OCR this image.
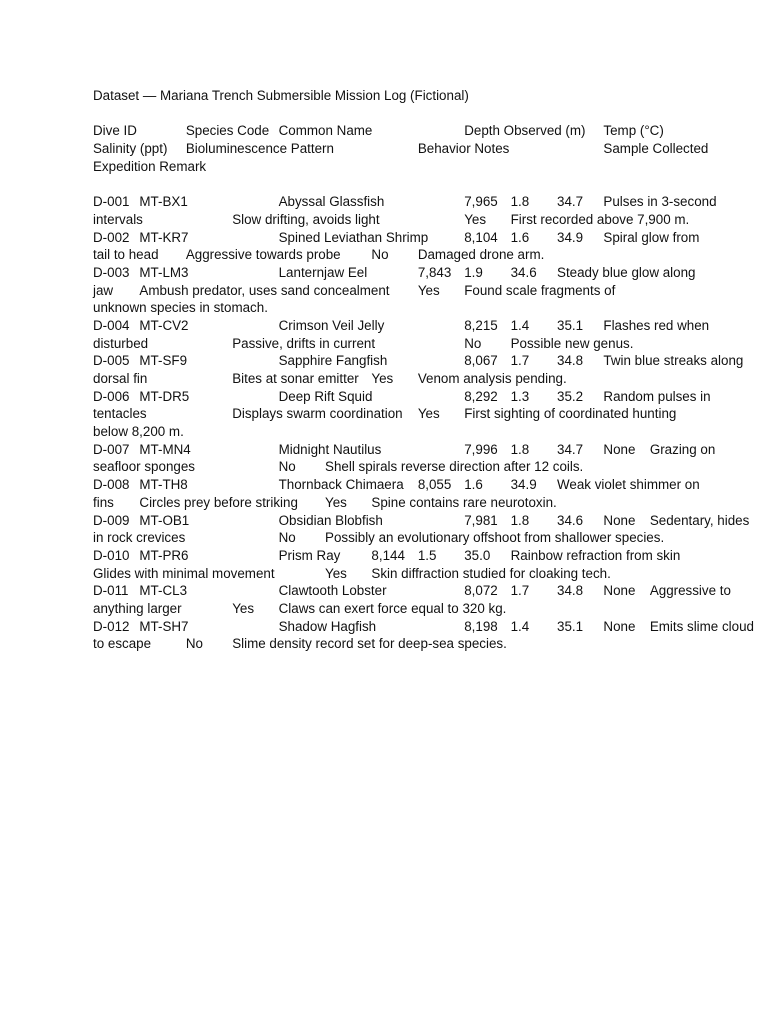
Dataset — Mariana Trench Submersible Mission Log (Fictional)
Dive ID		Species Code	Common Name		Depth Observed (m)	Temp (°C)
Salinity (ppt)	Bioluminescence Pattern		Behavior Notes		Sample Collected
Expedition Remark
D-001	MT-BX1		Abyssal Glassfish		7,965	1.8	34.7	Pulses in 3-second
intervals		Slow drifting, avoids light		Yes	First recorded above 7,900 m.
D-002	MT-KR7		Spined Leviathan Shrimp	8,104	1.6	34.9	Spiral glow from
tail to head	Aggressive towards probe	No	Damaged drone arm.
D-003	MT-LM3		Lanternjaw Eel		7,843	1.9	34.6	Steady blue glow along
jaw	Ambush predator, uses sand concealment	Yes	Found scale fragments of
unknown species in stomach.
D-004	MT-CV2		Crimson Veil Jelly		8,215	1.4	35.1	Flashes red when
disturbed		Passive, drifts in current		No	Possible new genus.
D-005	MT-SF9		Sapphire Fangfish		8,067	1.7	34.8	Twin blue streaks along
dorsal fin		Bites at sonar emitter	Yes	Venom analysis pending.
D-006	MT-DR5		Deep Rift Squid		8,292	1.3	35.2	Random pulses in
tentacles		Displays swarm coordination	Yes	First sighting of coordinated hunting
below 8,200 m.
D-007	MT-MN4		Midnight Nautilus		7,996	1.8	34.7	None	Grazing on
seafloor sponges		No	Shell spirals reverse direction after 12 coils.
D-008	MT-TH8		Thornback Chimaera	8,055	1.6	34.9	Weak violet shimmer on
fins	Circles prey before striking	Yes	Spine contains rare neurotoxin.
D-009	MT-OB1		Obsidian Blobfish		7,981	1.8	34.6	None	Sedentary, hides
in rock crevices		No	Possibly an evolutionary offshoot from shallower species.
D-010	MT-PR6		Prism Ray	8,144	1.5	35.0	Rainbow refraction from skin
Glides with minimal movement		Yes	Skin diffraction studied for cloaking tech.
D-011	MT-CL3		Clawtooth Lobster		8,072	1.7	34.8	None	Aggressive to
anything larger		Yes	Claws can exert force equal to 320 kg.
D-012	MT-SH7		Shadow Hagfish		8,198	1.4	35.1	None	Emits slime cloud
to escape	No	Slime density record set for deep-sea species.
